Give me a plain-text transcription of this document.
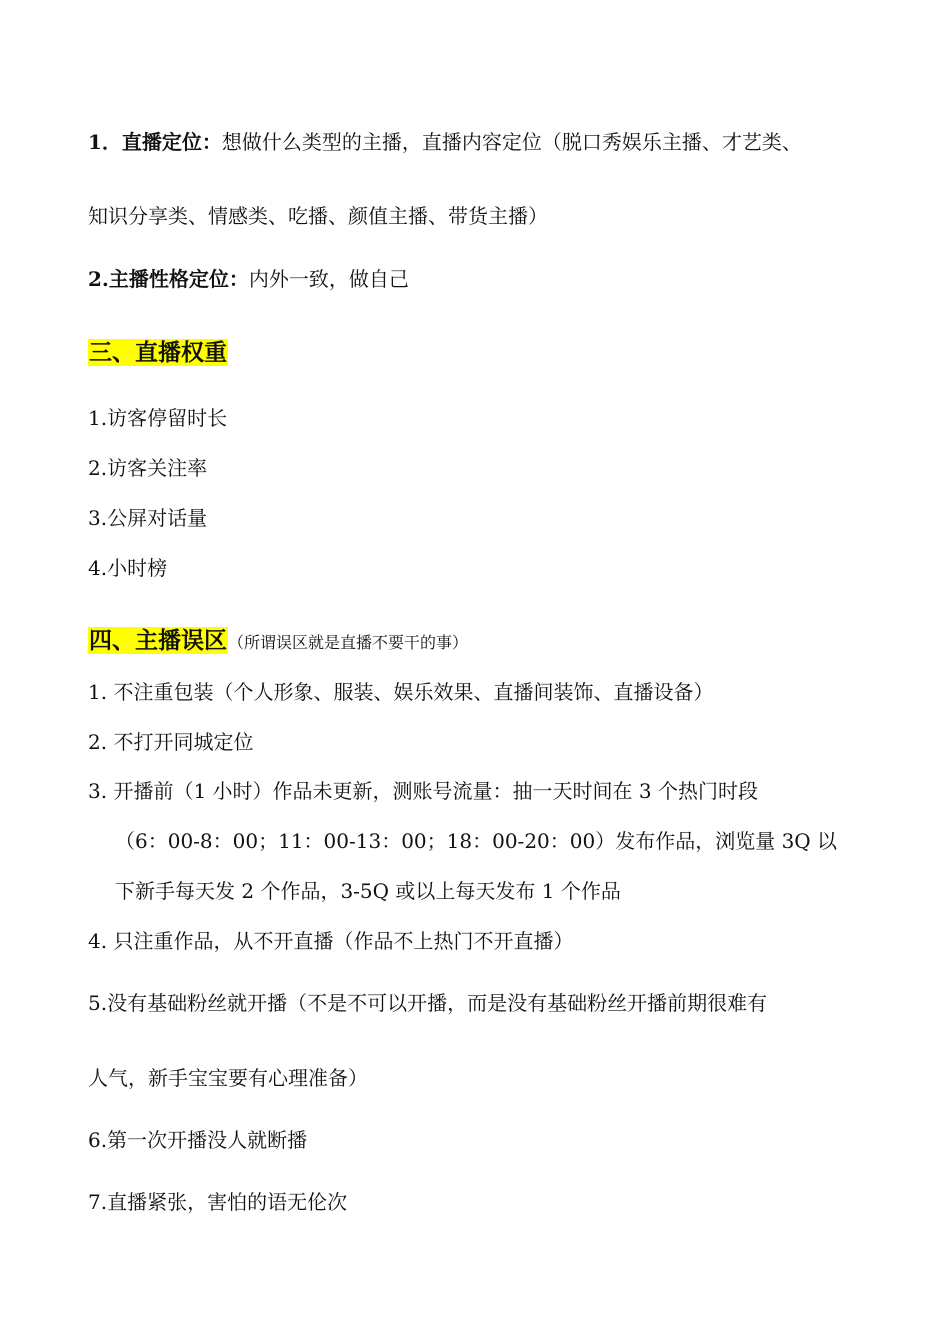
1．直播定位：想做什么类型的主播，直播内容定位（脱口秀娱乐主播、才艺类、
知识分享类、情感类、吃播、颜值主播、带货主播）
2.主播性格定位：内外一致，做自己
三、直播权重
1.访客停留时长
2.访客关注率
3.公屏对话量
4.小时榜
四、主播误区（所谓误区就是直播不要干的事）
1. 不注重包装（个人形象、服装、娱乐效果、直播间装饰、直播设备）
2. 不打开同城定位
3. 开播前（1 小时）作品未更新，测账号流量：抽一天时间在 3 个热门时段
（6：00-8：00；11：00-13：00；18：00-20：00）发布作品，浏览量 3Q 以
下新手每天发 2 个作品，3-5Q 或以上每天发布 1 个作品
4. 只注重作品，从不开直播（作品不上热门不开直播）
5.没有基础粉丝就开播（不是不可以开播，而是没有基础粉丝开播前期很难有
人气，新手宝宝要有心理准备）
6.第一次开播没人就断播
7.直播紧张，害怕的语无伦次
